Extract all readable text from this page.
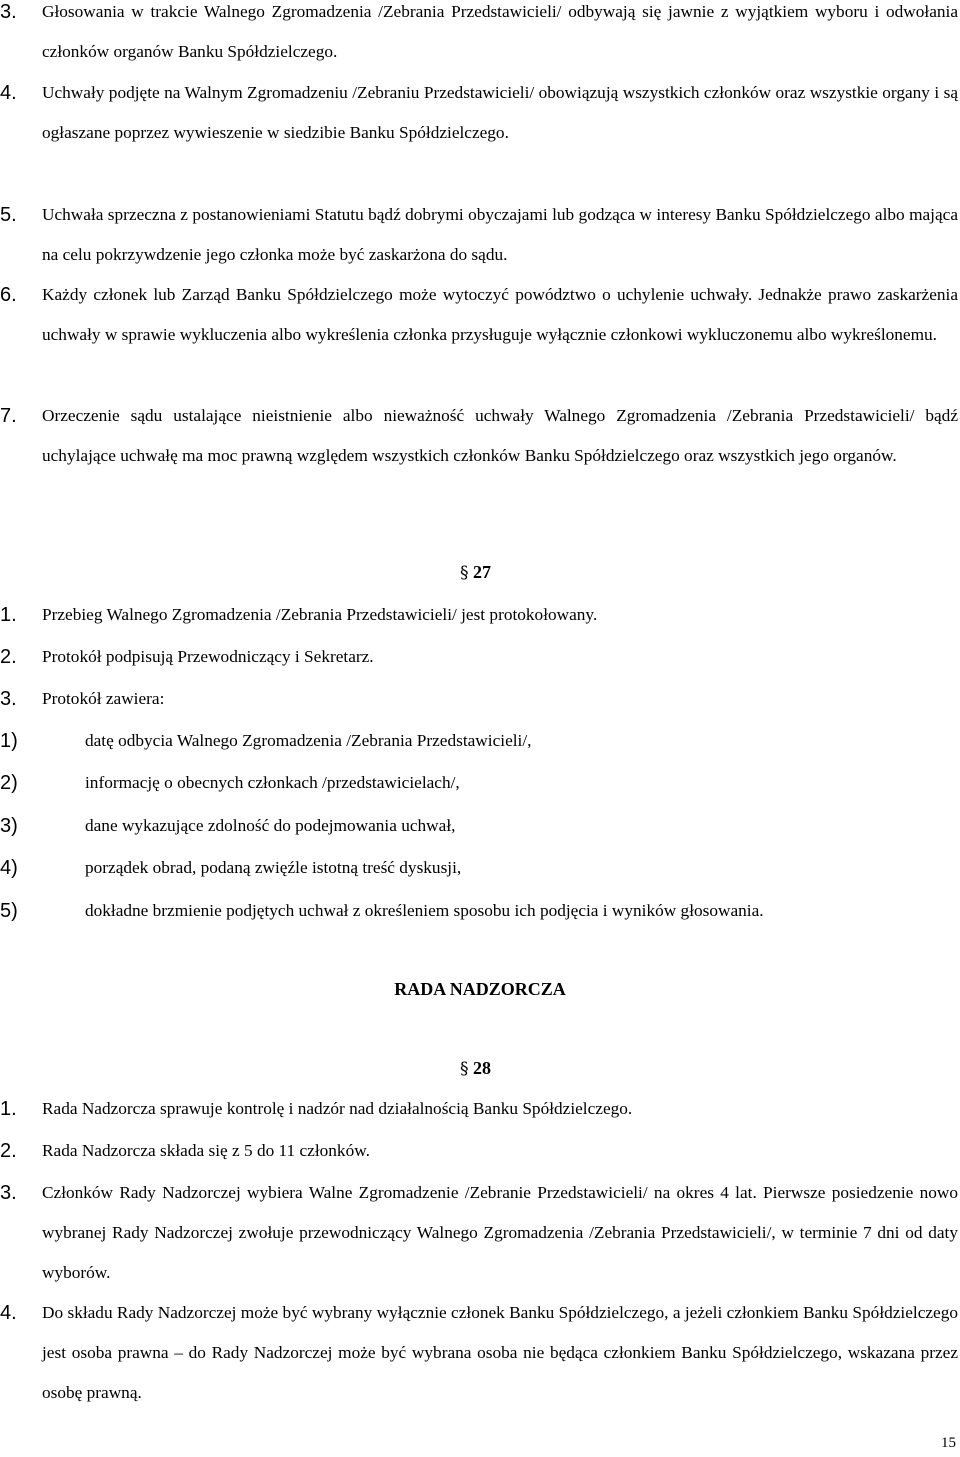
3. Głosowania w trakcie Walnego Zgromadzenia /Zebrania Przedstawicieli/ odbywają się jawnie z wyjątkiem wyboru i odwołania członków organów Banku Spółdzielczego.
4. Uchwały podjęte na Walnym Zgromadzeniu /Zebraniu Przedstawicieli/ obowiązują wszystkich członków oraz wszystkie organy i są ogłaszane poprzez wywieszenie w siedzibie Banku Spółdzielczego.
5. Uchwała sprzeczna z postanowieniami Statutu bądź dobrymi obyczajami lub godząca w interesy Banku Spółdzielczego albo mająca na celu pokrzywdzenie jego członka może być zaskarżona do sądu.
6. Każdy członek lub Zarząd Banku Spółdzielczego może wytoczyć powództwo o uchylenie uchwały. Jednakże prawo zaskarżenia uchwały w sprawie wykluczenia albo wykreślenia członka przysługuje wyłącznie członkowi wykluczonemu albo wykreślonemu.
7. Orzeczenie sądu ustalające nieistnienie albo nieważność uchwały Walnego Zgromadzenia /Zebrania Przedstawicieli/ bądź uchylające uchwałę ma moc prawną względem wszystkich członków Banku Spółdzielczego oraz wszystkich jego organów.
§ 27
1. Przebieg Walnego Zgromadzenia /Zebrania Przedstawicieli/ jest protokołowany.
2. Protokół podpisują Przewodniczący i Sekretarz.
3. Protokół zawiera:
1)	datę odbycia Walnego Zgromadzenia /Zebrania Przedstawicieli/,
2)	informację o obecnych członkach /przedstawicielach/,
3)	dane wykazujące zdolność do podejmowania uchwał,
4)	porządek obrad, podaną zwięźle istotną treść dyskusji,
5)	dokładne brzmienie podjętych uchwał z określeniem sposobu ich podjęcia i wyników głosowania.
RADA NADZORCZA
§ 28
1. Rada Nadzorcza sprawuje kontrolę i nadzór nad działalnością Banku Spółdzielczego.
2. Rada Nadzorcza składa się z 5 do 11 członków.
3. Członków Rady Nadzorczej wybiera Walne Zgromadzenie /Zebranie Przedstawicieli/ na okres 4 lat. Pierwsze posiedzenie nowo wybranej Rady Nadzorczej zwołuje przewodniczący Walnego Zgromadzenia /Zebrania Przedstawicieli/, w terminie 7 dni od daty wyborów.
4. Do składu Rady Nadzorczej może być wybrany wyłącznie członek Banku Spółdzielczego, a jeżeli członkiem Banku Spółdzielczego jest osoba prawna – do Rady Nadzorczej może być wybrana osoba nie będąca członkiem Banku Spółdzielczego, wskazana przez osobę prawną.
15
